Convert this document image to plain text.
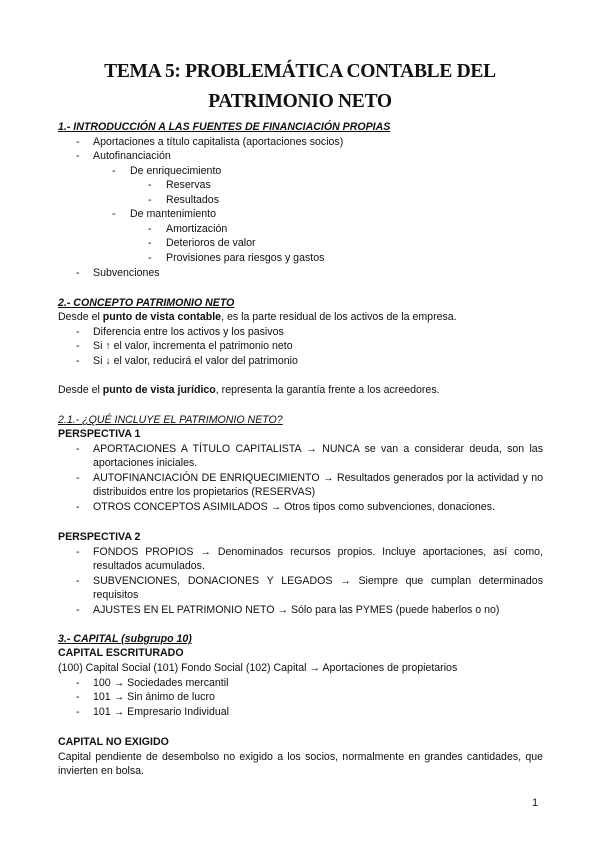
TEMA 5: PROBLEMÁTICA CONTABLE DEL
PATRIMONIO NETO
1.- INTRODUCCIÓN A LAS FUENTES DE FINANCIACIÓN PROPIAS
- Aportaciones a título capitalista (aportaciones socios)
- Autofinanciación
- De enriquecimiento
- Reservas
- Resultados
- De mantenimiento
- Amortización
- Deterioros de valor
- Provisiones para riesgos y gastos
- Subvenciones
2.- CONCEPTO PATRIMONIO NETO
Desde el punto de vista contable, es la parte residual de los activos de la empresa.
- Diferencia entre los activos y los pasivos
- Si ↑ el valor, incrementa el patrimonio neto
- Si ↓ el valor, reducirá el valor del patrimonio
Desde el punto de vista jurídico, representa la garantía frente a los acreedores.
2.1.- ¿QUÉ INCLUYE EL PATRIMONIO NETO?
PERSPECTIVA 1
- APORTACIONES A TÍTULO CAPITALISTA → NUNCA se van a considerar deuda, son las aportaciones iniciales.
- AUTOFINANCIACIÓN DE ENRIQUECIMIENTO → Resultados generados por la actividad y no distribuidos entre los propietarios (RESERVAS)
- OTROS CONCEPTOS ASIMILADOS → Otros tipos como subvenciones, donaciones.
PERSPECTIVA 2
- FONDOS PROPIOS → Denominados recursos propios. Incluye aportaciones, así como, resultados acumulados.
- SUBVENCIONES, DONACIONES Y LEGADOS → Siempre que cumplan determinados requisitos
- AJUSTES EN EL PATRIMONIO NETO → Sólo para las PYMES (puede haberlos o no)
3.- CAPITAL (subgrupo 10)
CAPITAL ESCRITURADO
(100) Capital Social (101) Fondo Social (102) Capital → Aportaciones de propietarios
- 100 → Sociedades mercantil
- 101 → Sin ánimo de lucro
- 101 → Empresario Individual
CAPITAL NO EXIGIDO
Capital pendiente de desembolso no exigido a los socios, normalmente en grandes cantidades, que invierten en bolsa.
1
